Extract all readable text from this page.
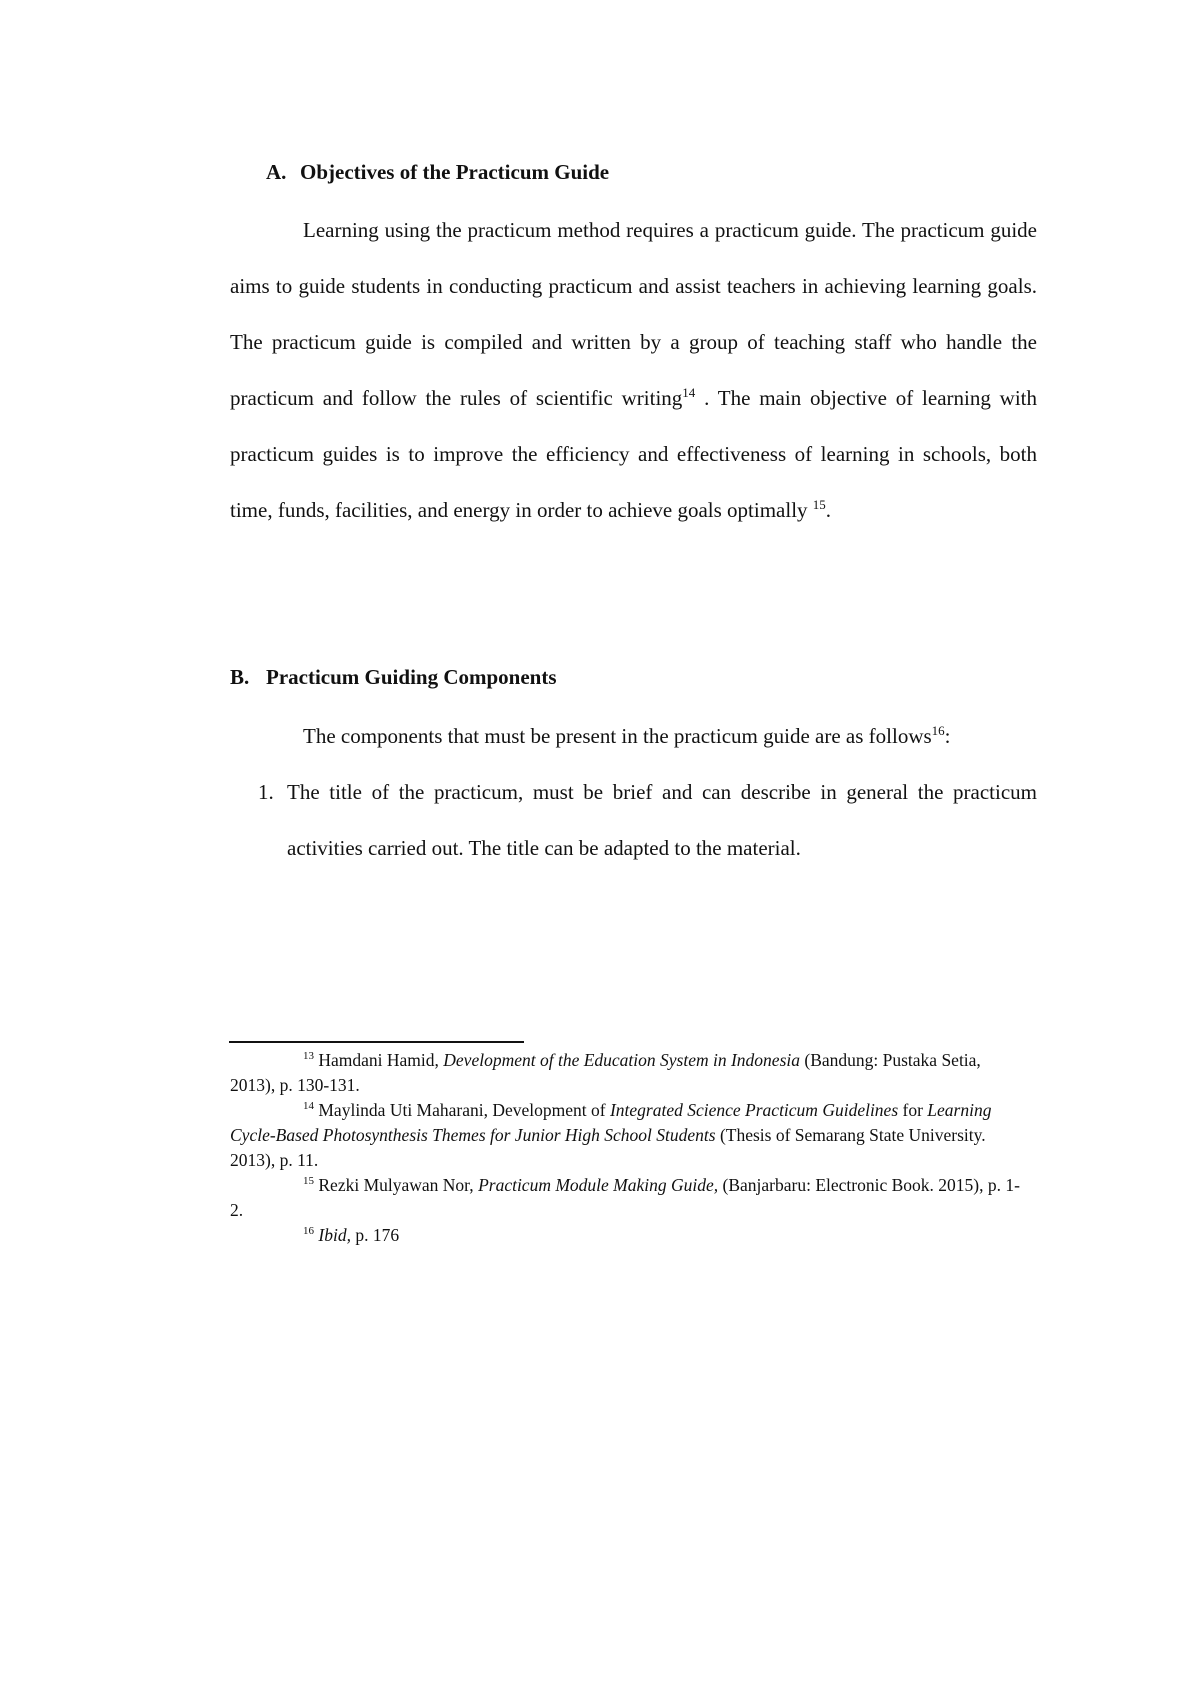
A. Objectives of the Practicum Guide

Learning using the practicum method requires a practicum guide. The practicum guide aims to guide students in conducting practicum and assist teachers in achieving learning goals. The practicum guide is compiled and written by a group of teaching staff who handle the practicum and follow the rules of scientific writing$^{14}$ . The main objective of learning with practicum guides is to improve the efficiency and effectiveness of learning in schools, both time, funds, facilities, and energy in order to achieve goals optimally $^{15}$.

B. Practicum Guiding Components

The components that must be present in the practicum guide are as follows$^{16}$:

1. The title of the practicum, must be brief and can describe in general the practicum activities carried out. The title can be adapted to the material.

$^{13}$ Hamdani Hamid, Development of the Education System in Indonesia (Bandung: Pustaka Setia, 2013), p. 130-131.

$^{14}$ Maylinda Uti Maharani, Development of Integrated Science Practicum Guidelines for Learning Cycle-Based Photosynthesis Themes for Junior High School Students (Thesis of Semarang State University. 2013), p. 11.

$^{15}$ Rezki Mulyawan Nor, Practicum Module Making Guide, (Banjarbaru: Electronic Book. 2015), p. 1-2.

$^{16}$ Ibid, p. 176
